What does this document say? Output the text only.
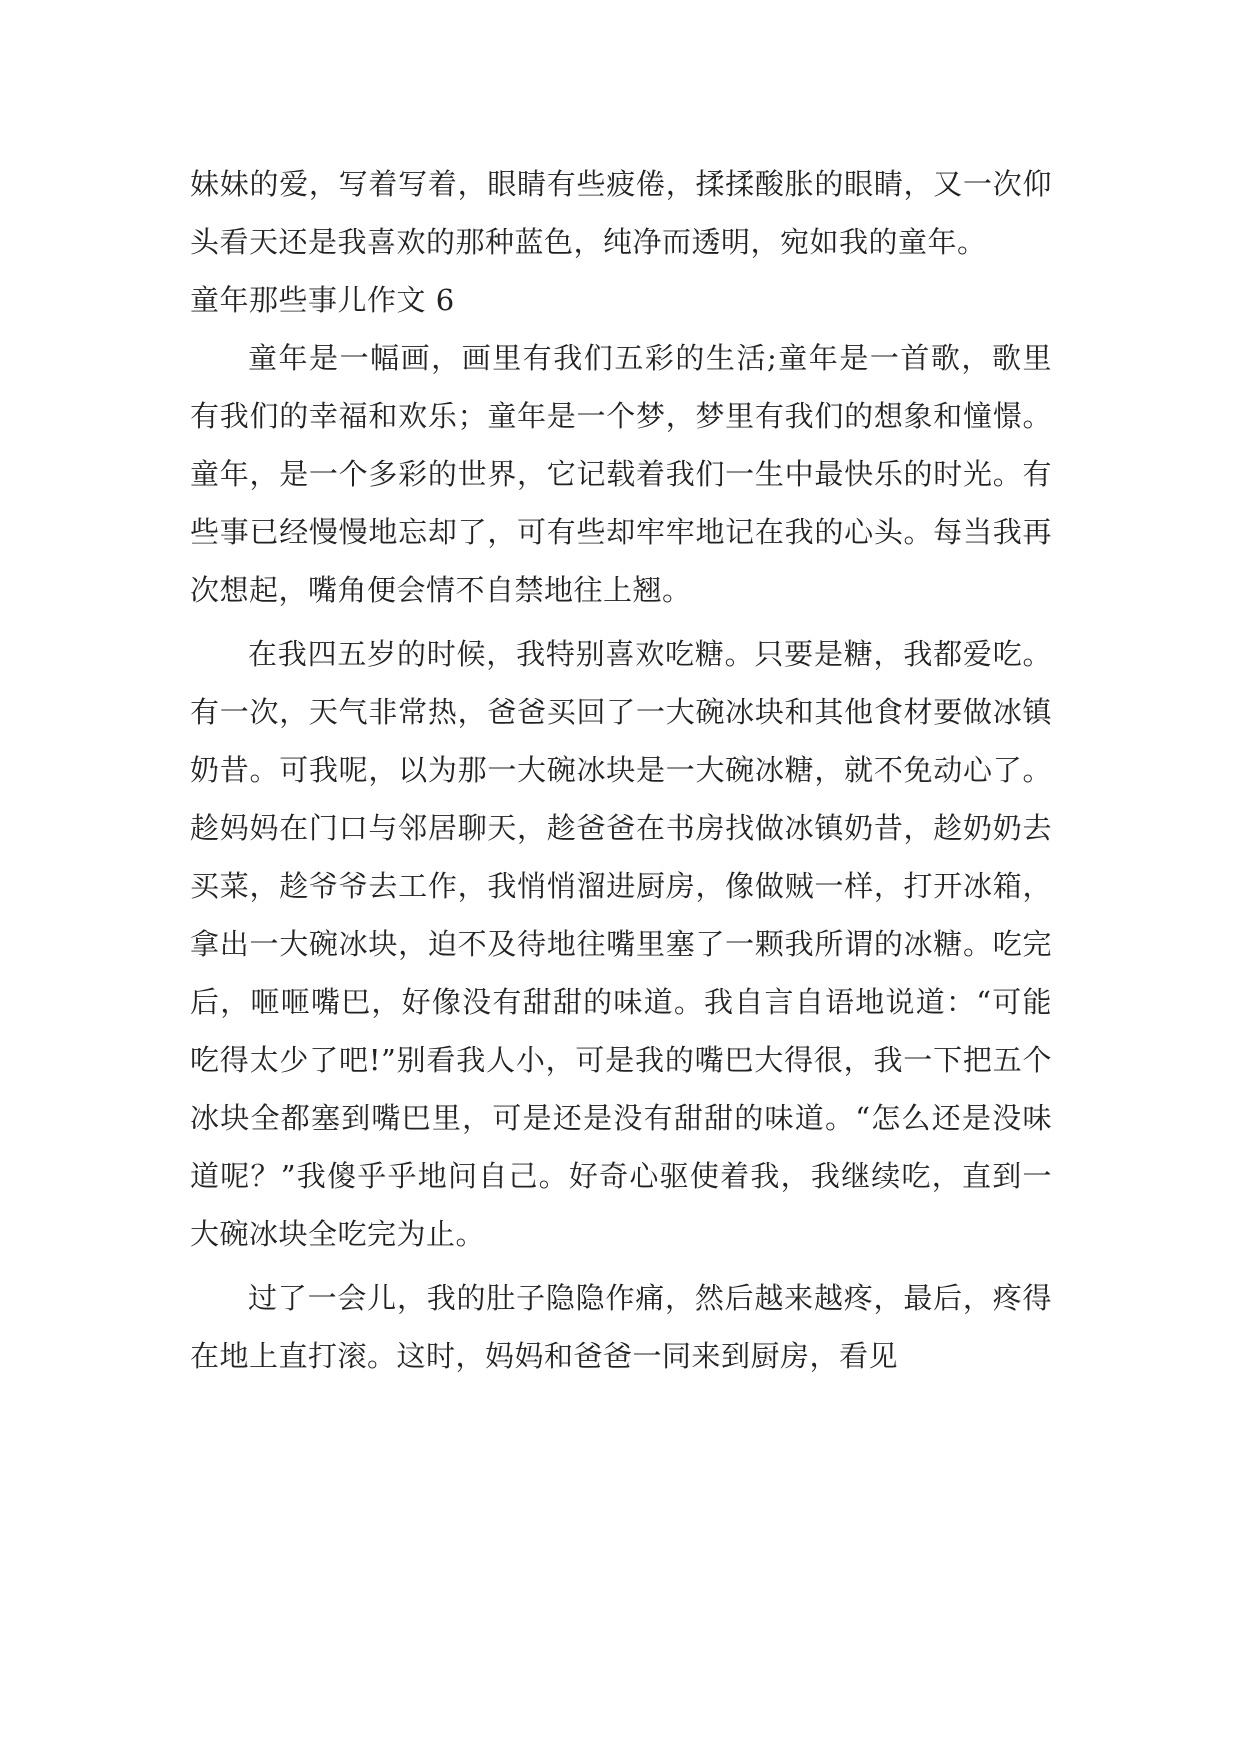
妹妹的爱，写着写着，眼睛有些疲倦，揉揉酸胀的眼睛，又一次仰头看天还是我喜欢的那种蓝色，纯净而透明，宛如我的童年。

童年那些事儿作文 6

童年是一幅画，画里有我们五彩的生活;童年是一首歌，歌里有我们的幸福和欢乐；童年是一个梦，梦里有我们的想象和憧憬。童年，是一个多彩的世界，它记载着我们一生中最快乐的时光。有些事已经慢慢地忘却了，可有些却牢牢地记在我的心头。每当我再次想起，嘴角便会情不自禁地往上翘。

在我四五岁的时候，我特别喜欢吃糖。只要是糖，我都爱吃。有一次，天气非常热，爸爸买回了一大碗冰块和其他食材要做冰镇奶昔。可我呢，以为那一大碗冰块是一大碗冰糖，就不免动心了。趁妈妈在门口与邻居聊天，趁爸爸在书房找做冰镇奶昔，趁奶奶去买菜，趁爷爷去工作，我悄悄溜进厨房，像做贼一样，打开冰箱，拿出一大碗冰块，迫不及待地往嘴里塞了一颗我所谓的冰糖。吃完后，咂咂嘴巴，好像没有甜甜的味道。我自言自语地说道：“可能吃得太少了吧!”别看我人小，可是我的嘴巴大得很，我一下把五个冰块全都塞到嘴巴里，可是还是没有甜甜的味道。“怎么还是没味道呢？”我傻乎乎地问自己。好奇心驱使着我，我继续吃，直到一大碗冰块全吃完为止。

过了一会儿，我的肚子隐隐作痛，然后越来越疼，最后，疼得在地上直打滚。这时，妈妈和爸爸一同来到厨房，看见
